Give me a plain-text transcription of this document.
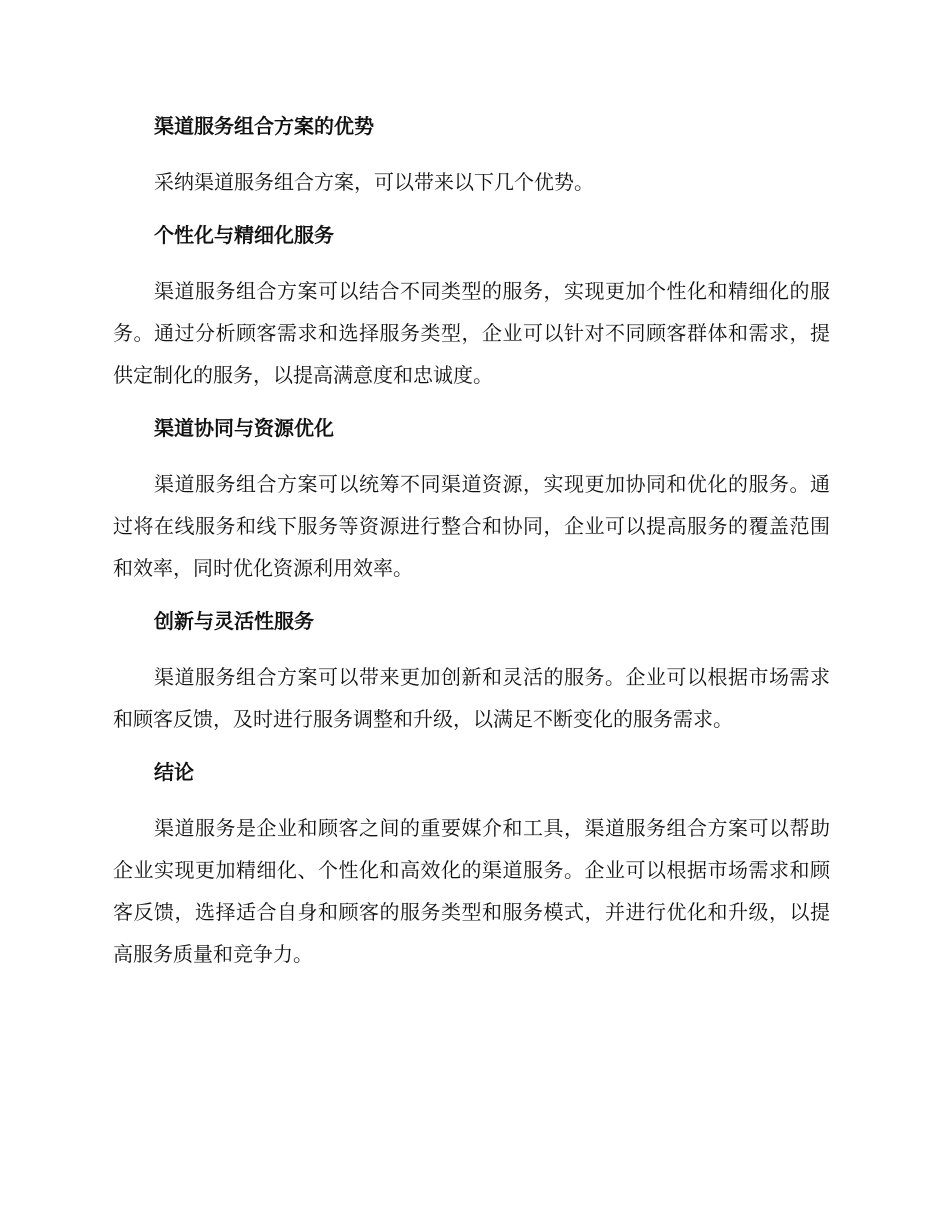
渠道服务组合方案的优势

采纳渠道服务组合方案，可以带来以下几个优势。

个性化与精细化服务

渠道服务组合方案可以结合不同类型的服务，实现更加个性化和精细化的服务。通过分析顾客需求和选择服务类型，企业可以针对不同顾客群体和需求，提供定制化的服务，以提高满意度和忠诚度。

渠道协同与资源优化

渠道服务组合方案可以统筹不同渠道资源，实现更加协同和优化的服务。通过将在线服务和线下服务等资源进行整合和协同，企业可以提高服务的覆盖范围和效率，同时优化资源利用效率。

创新与灵活性服务

渠道服务组合方案可以带来更加创新和灵活的服务。企业可以根据市场需求和顾客反馈，及时进行服务调整和升级，以满足不断变化的服务需求。

结论

渠道服务是企业和顾客之间的重要媒介和工具，渠道服务组合方案可以帮助企业实现更加精细化、个性化和高效化的渠道服务。企业可以根据市场需求和顾客反馈，选择适合自身和顾客的服务类型和服务模式，并进行优化和升级，以提高服务质量和竞争力。
